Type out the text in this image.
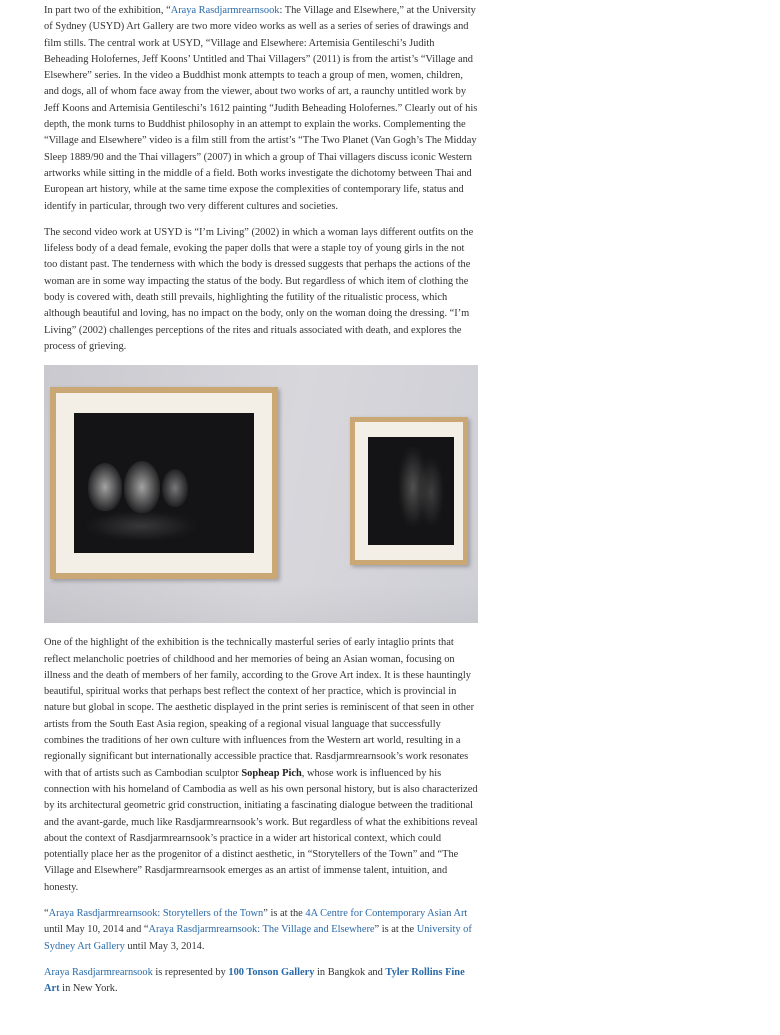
In part two of the exhibition, “Araya Rasdjarmrearnsook: The Village and Elsewhere,” at the University of Sydney (USYD) Art Gallery are two more video works as well as a series of series of drawings and film stills. The central work at USYD, “Village and Elsewhere: Artemisia Gentileschi’s Judith Beheading Holofernes, Jeff Koons’ Untitled and Thai Villagers” (2011) is from the artist’s “Village and Elsewhere” series. In the video a Buddhist monk attempts to teach a group of men, women, children, and dogs, all of whom face away from the viewer, about two works of art, a raunchy untitled work by Jeff Koons and Artemisia Gentileschi’s 1612 painting “Judith Beheading Holofernes.” Clearly out of his depth, the monk turns to Buddhist philosophy in an attempt to explain the works. Complementing the “Village and Elsewhere” video is a film still from the artist’s “The Two Planet (Van Gogh’s The Midday Sleep 1889/90 and the Thai villagers” (2007) in which a group of Thai villagers discuss iconic Western artworks while sitting in the middle of a field. Both works investigate the dichotomy between Thai and European art history, while at the same time expose the complexities of contemporary life, status and identify in particular, through two very different cultures and societies.

The second video work at USYD is “I’m Living” (2002) in which a woman lays different outfits on the lifeless body of a dead female, evoking the paper dolls that were a staple toy of young girls in the not too distant past. The tenderness with which the body is dressed suggests that perhaps the actions of the woman are in some way impacting the status of the body. But regardless of which item of clothing the body is covered with, death still prevails, highlighting the futility of the ritualistic process, which although beautiful and loving, has no impact on the body, only on the woman doing the dressing. “I’m Living” (2002) challenges perceptions of the rites and rituals associated with death, and explores the process of grieving.

One of the highlight of the exhibition is the technically masterful series of early intaglio prints that reflect melancholic poetries of childhood and her memories of being an Asian woman, focusing on illness and the death of members of her family, according to the Grove Art index. It is these hauntingly beautiful, spiritual works that perhaps best reflect the context of her practice, which is provincial in nature but global in scope. The aesthetic displayed in the print series is reminiscent of that seen in other artists from the South East Asia region, speaking of a regional visual language that successfully combines the traditions of her own culture with influences from the Western art world, resulting in a regionally significant but internationally accessible practice that. Rasdjarmrearnsook’s work resonates with that of artists such as Cambodian sculptor Sopheap Pich, whose work is influenced by his connection with his homeland of Cambodia as well as his own personal history, but is also characterized by its architectural geometric grid construction, initiating a fascinating dialogue between the traditional and the avant-garde, much like Rasdjarmrearnsook’s work. But regardless of what the exhibitions reveal about the context of Rasdjarmrearnsook’s practice in a wider art historical context, which could potentially place her as the progenitor of a distinct aesthetic, in “Storytellers of the Town” and “The Village and Elsewhere” Rasdjarmrearnsook emerges as an artist of immense talent, intuition, and honesty.

“Araya Rasdjarmrearnsook: Storytellers of the Town” is at the 4A Centre for Contemporary Asian Art until May 10, 2014 and “Araya Rasdjarmrearnsook: The Village and Elsewhere” is at the University of Sydney Art Gallery until May 3, 2014.

Araya Rasdjarmrearnsook is represented by 100 Tonson Gallery in Bangkok and Tyler Rollins Fine Art in New York.
